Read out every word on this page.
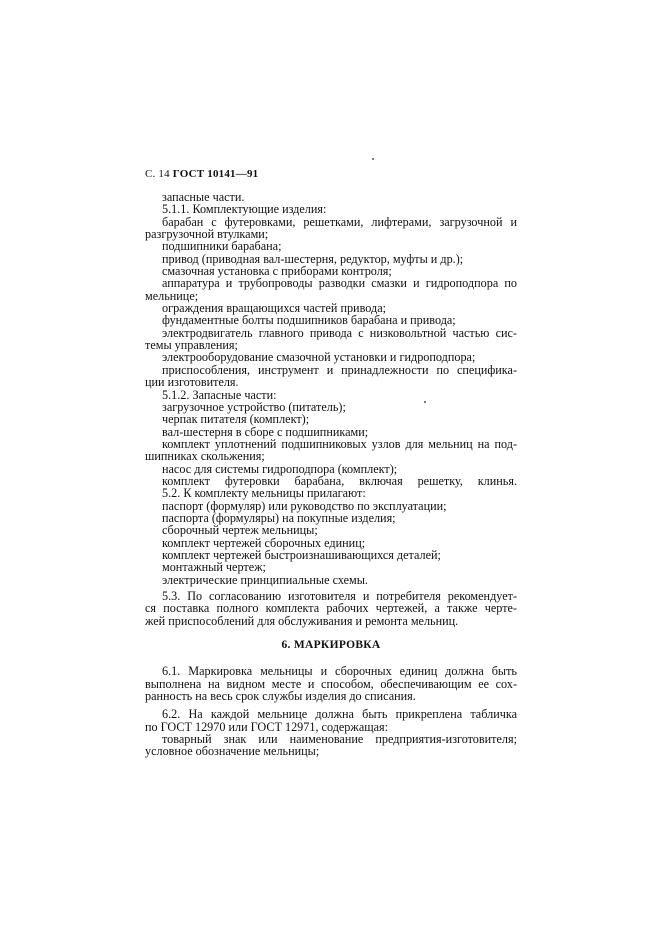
С. 14 ГОСТ 10141—91

запасные части.

5.1.1. Комплектующие изделия:

барабан с футеровками, решетками, лифтерами, загрузочной и

разгрузочной втулками;

подшипники барабана;

привод (приводная вал-шестерня, редуктор, муфты и др.);

смазочная установка с приборами контроля;

аппаратура и трубопроводы разводки смазки и гидроподпора по

мельнице;

ограждения вращающихся частей привода;

фундаментные болты подшипников барабана и привода;

электродвигатель главного привода с низковольтной частью сис-

темы управления;

электрооборудование смазочной установки и гидроподпора;

приспособления, инструмент и принадлежности по специфика-

ции изготовителя.

5.1.2. Запасные части:

загрузочное устройство (питатель);

черпак питателя (комплект);

вал-шестерня в сборе с подшипниками;

комплект уплотнений подшипниковых узлов для мельниц на под-

шипниках скольжения;

насос для системы гидроподпора (комплект);

комплект футеровки барабана, включая решетку, клинья.

5.2. К комплекту мельницы прилагают:

паспорт (формуляр) или руководство по эксплуатации;

паспорта (формуляры) на покупные изделия;

сборочный чертеж мельницы;

комплект чертежей сборочных единиц;

комплект чертежей быстроизнашивающихся деталей;

монтажный чертеж;

электрические принципиальные схемы.

5.3. По согласованию изготовителя и потребителя рекомендует-

ся поставка полного комплекта рабочих чертежей, а также черте-

жей приспособлений для обслуживания и ремонта мельниц.

6. МАРКИРОВКА

6.1. Маркировка мельницы и сборочных единиц должна быть

выполнена на видном месте и способом, обеспечивающим ее сох-

ранность на весь срок службы изделия до списания.

6.2. На каждой мельнице должна быть прикреплена табличка

по ГОСТ 12970 или ГОСТ 12971, содержащая:

товарный знак или наименование предприятия-изготовителя;

условное обозначение мельницы;
